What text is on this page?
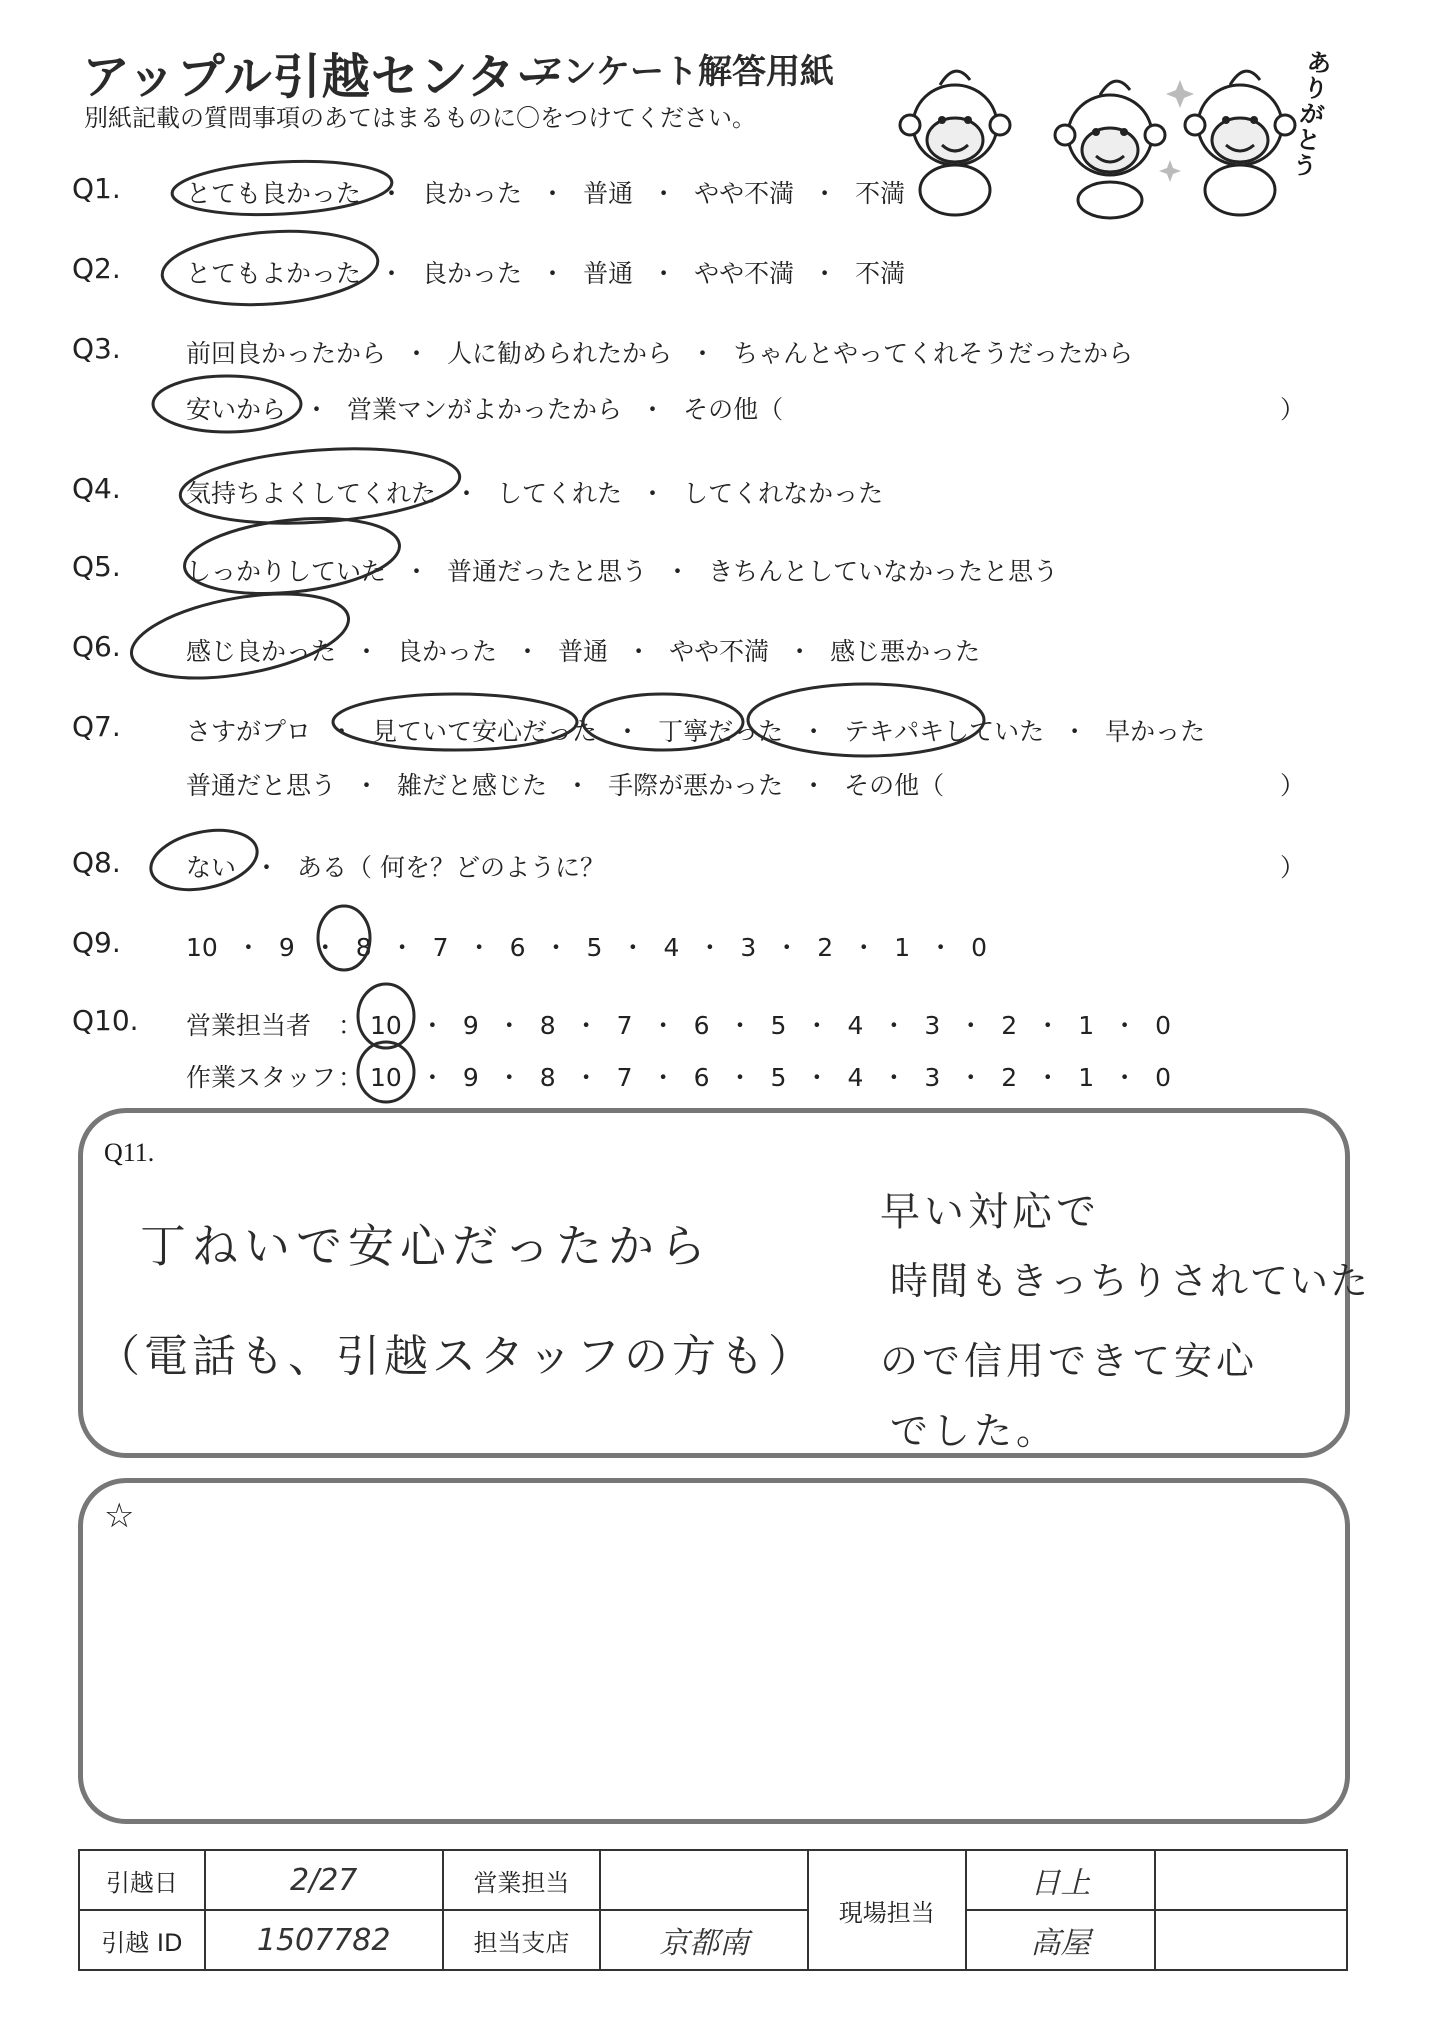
アップル引越センター
アンケート解答用紙
別紙記載の質問事項のあてはまるものに〇をつけてください。
ありがとう
Q1.	とても良かった ・ 良かった ・ 普通 ・ やや不満 ・ 不満
Q2.	とてもよかった ・ 良かった ・ 普通 ・ やや不満 ・ 不満
Q3.	前回良かったから ・ 人に勧められたから ・ ちゃんとやってくれそうだったから
安いから ・ 営業マンがよかったから ・ その他（	）
Q4.	気持ちよくしてくれた ・ してくれた ・ してくれなかった
Q5.	しっかりしていた ・ 普通だったと思う ・ きちんとしていなかったと思う
Q6.	感じ良かった ・ 良かった ・ 普通 ・ やや不満 ・ 感じ悪かった
Q7.	さすがプロ ・ 見ていて安心だった ・ 丁寧だった ・ テキパキしていた ・ 早かった
普通だと思う ・ 雑だと感じた ・ 手際が悪かった ・ その他（	）
Q8.	ない ・ ある（ 何を？どのように？	）
Q9.	10 ・ 9 ・ 8 ・ 7 ・ 6 ・ 5 ・ 4 ・ 3 ・ 2 ・ 1 ・ 0
Q10. 営業担当者 ： 10 ・ 9 ・ 8 ・ 7 ・ 6 ・ 5 ・ 4 ・ 3 ・ 2 ・ 1 ・ 0
作業スタッフ ： 10 ・ 9 ・ 8 ・ 7 ・ 6 ・ 5 ・ 4 ・ 3 ・ 2 ・ 1 ・ 0
Q11.
丁ねいで安心だったから
（電話も、引越スタッフの方も）
早い対応で
時間もきっちりされていた
ので信用できて安心
でした。
☆
引越日	2/27	営業担当		現場担当	日上	
引越 ID	1507782	担当支店	京都南		高屋	
